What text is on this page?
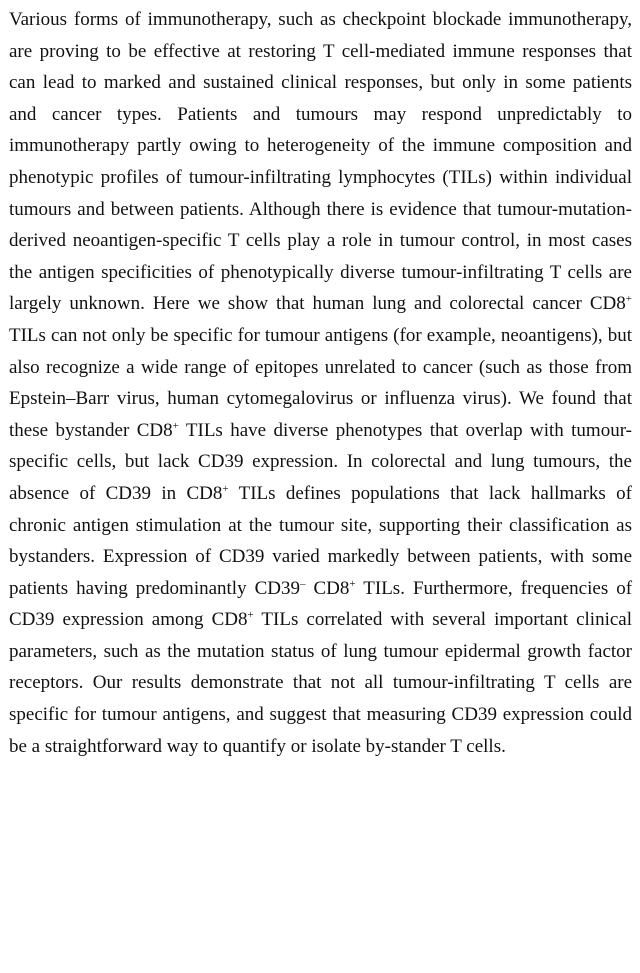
Various forms of immunotherapy, such as checkpoint blockade immunotherapy, are proving to be effective at restoring T cell-mediated immune responses that can lead to marked and sustained clinical responses, but only in some patients and cancer types. Patients and tumours may respond unpredictably to immunotherapy partly owing to heterogeneity of the immune composition and phenotypic profiles of tumour-infiltrating lymphocytes (TILs) within individual tumours and between patients. Although there is evidence that tumour-mutation-derived neoantigen-specific T cells play a role in tumour control, in most cases the antigen specificities of phenotypically diverse tumour-infiltrating T cells are largely unknown. Here we show that human lung and colorectal cancer CD8+ TILs can not only be specific for tumour antigens (for example, neoantigens), but also recognize a wide range of epitopes unrelated to cancer (such as those from Epstein–Barr virus, human cytomegalovirus or influenza virus). We found that these bystander CD8+ TILs have diverse phenotypes that overlap with tumour-specific cells, but lack CD39 expression. In colorectal and lung tumours, the absence of CD39 in CD8+ TILs defines populations that lack hallmarks of chronic antigen stimulation at the tumour site, supporting their classification as bystanders. Expression of CD39 varied markedly between patients, with some patients having predominantly CD39– CD8+ TILs. Furthermore, frequencies of CD39 expression among CD8+ TILs correlated with several important clinical parameters, such as the mutation status of lung tumour epidermal growth factor receptors. Our results demonstrate that not all tumour-infiltrating T cells are specific for tumour antigens, and suggest that measuring CD39 expression could be a straightforward way to quantify or isolate by-stander T cells.
